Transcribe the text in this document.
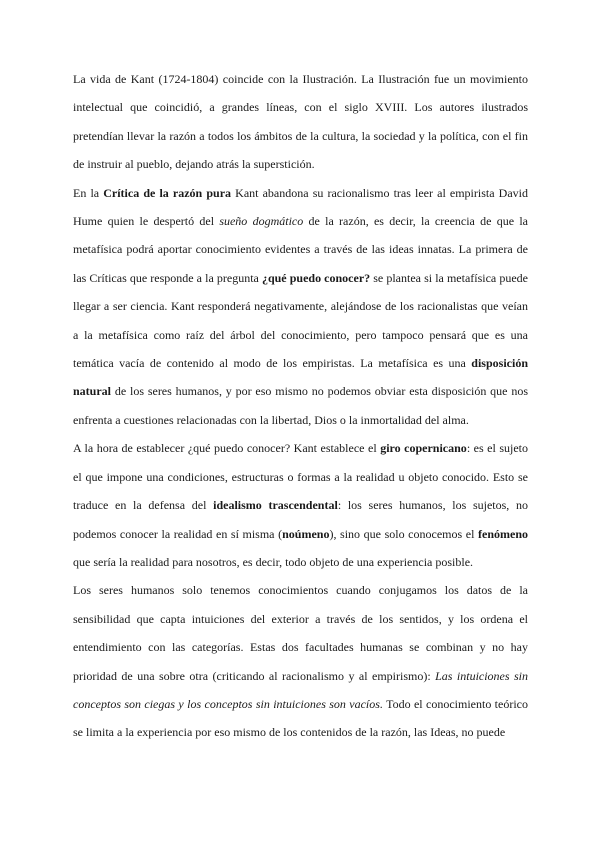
La vida de Kant (1724-1804) coincide con la Ilustración. La Ilustración fue un movimiento intelectual que coincidió, a grandes líneas, con el siglo XVIII. Los autores ilustrados pretendían llevar la razón a todos los ámbitos de la cultura, la sociedad y la política, con el fin de instruir al pueblo, dejando atrás la superstición.

En la Crítica de la razón pura Kant abandona su racionalismo tras leer al empirista David Hume quien le despertó del sueño dogmático de la razón, es decir, la creencia de que la metafísica podrá aportar conocimiento evidentes a través de las ideas innatas. La primera de las Críticas que responde a la pregunta ¿qué puedo conocer? se plantea si la metafísica puede llegar a ser ciencia. Kant responderá negativamente, alejándose de los racionalistas que veían a la metafísica como raíz del árbol del conocimiento, pero tampoco pensará que es una temática vacía de contenido al modo de los empiristas. La metafísica es una disposición natural de los seres humanos, y por eso mismo no podemos obviar esta disposición que nos enfrenta a cuestiones relacionadas con la libertad, Dios o la inmortalidad del alma.

A la hora de establecer ¿qué puedo conocer? Kant establece el giro copernicano: es el sujeto el que impone una condiciones, estructuras o formas a la realidad u objeto conocido. Esto se traduce en la defensa del idealismo trascendental: los seres humanos, los sujetos, no podemos conocer la realidad en sí misma (noúmeno), sino que solo conocemos el fenómeno que sería la realidad para nosotros, es decir, todo objeto de una experiencia posible.

Los seres humanos solo tenemos conocimientos cuando conjugamos los datos de la sensibilidad que capta intuiciones del exterior a través de los sentidos, y los ordena el entendimiento con las categorías. Estas dos facultades humanas se combinan y no hay prioridad de una sobre otra (criticando al racionalismo y al empirismo): Las intuiciones sin conceptos son ciegas y los conceptos sin intuiciones son vacíos. Todo el conocimiento teórico se limita a la experiencia por eso mismo de los contenidos de la razón, las Ideas, no puede
